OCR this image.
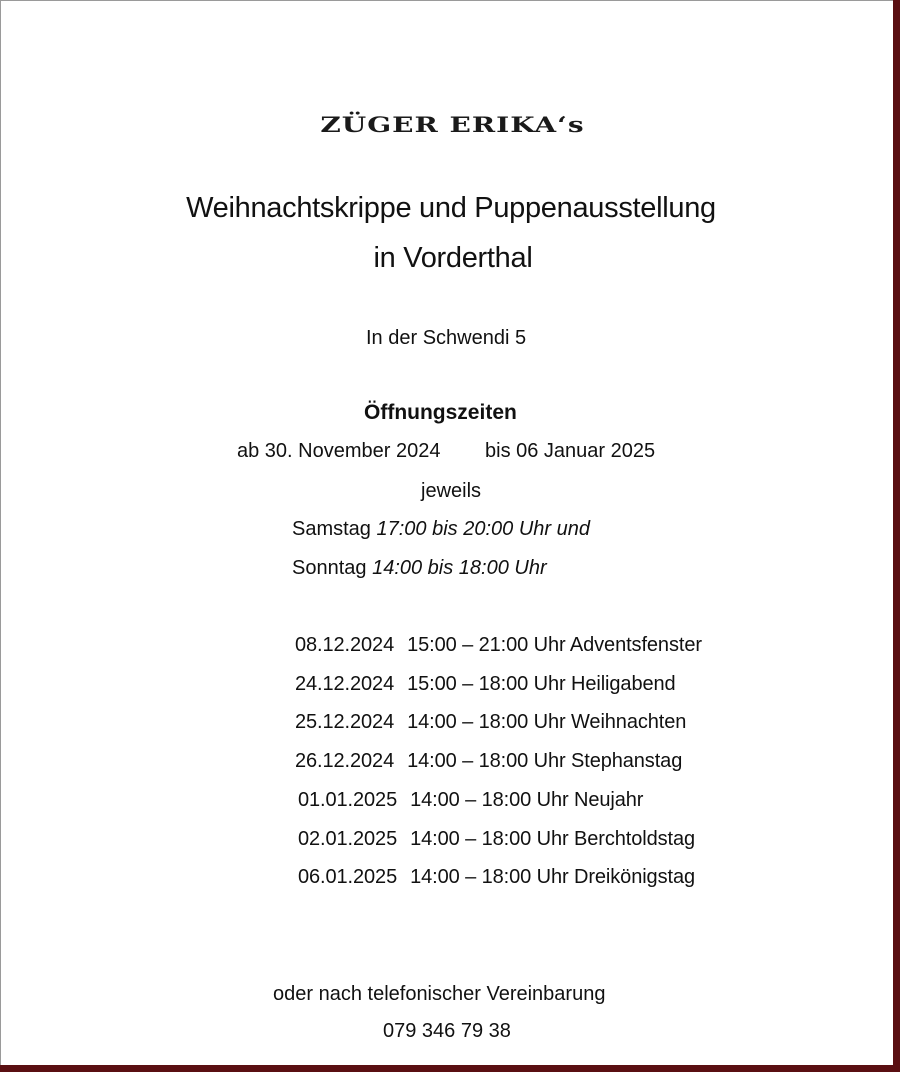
ZÜGER ERIKA‘s
Weihnachtskrippe und Puppenausstellung
in Vorderthal
In der Schwendi 5
Öffnungszeiten
ab 30. November 2024 bis 06 Januar 2025
jeweils
Samstag 17:00 bis 20:00 Uhr und
Sonntag 14:00 bis 18:00 Uhr
08.12.2024 15:00 – 21:00 Uhr Adventsfenster
24.12.2024 15:00 – 18:00 Uhr Heiligabend
25.12.2024 14:00 – 18:00 Uhr Weihnachten
26.12.2024 14:00 – 18:00 Uhr Stephanstag
01.01.2025 14:00 – 18:00 Uhr Neujahr
02.01.2025 14:00 – 18:00 Uhr Berchtoldstag
06.01.2025 14:00 – 18:00 Uhr Dreikönigstag
oder nach telefonischer Vereinbarung
079 346 79 38
